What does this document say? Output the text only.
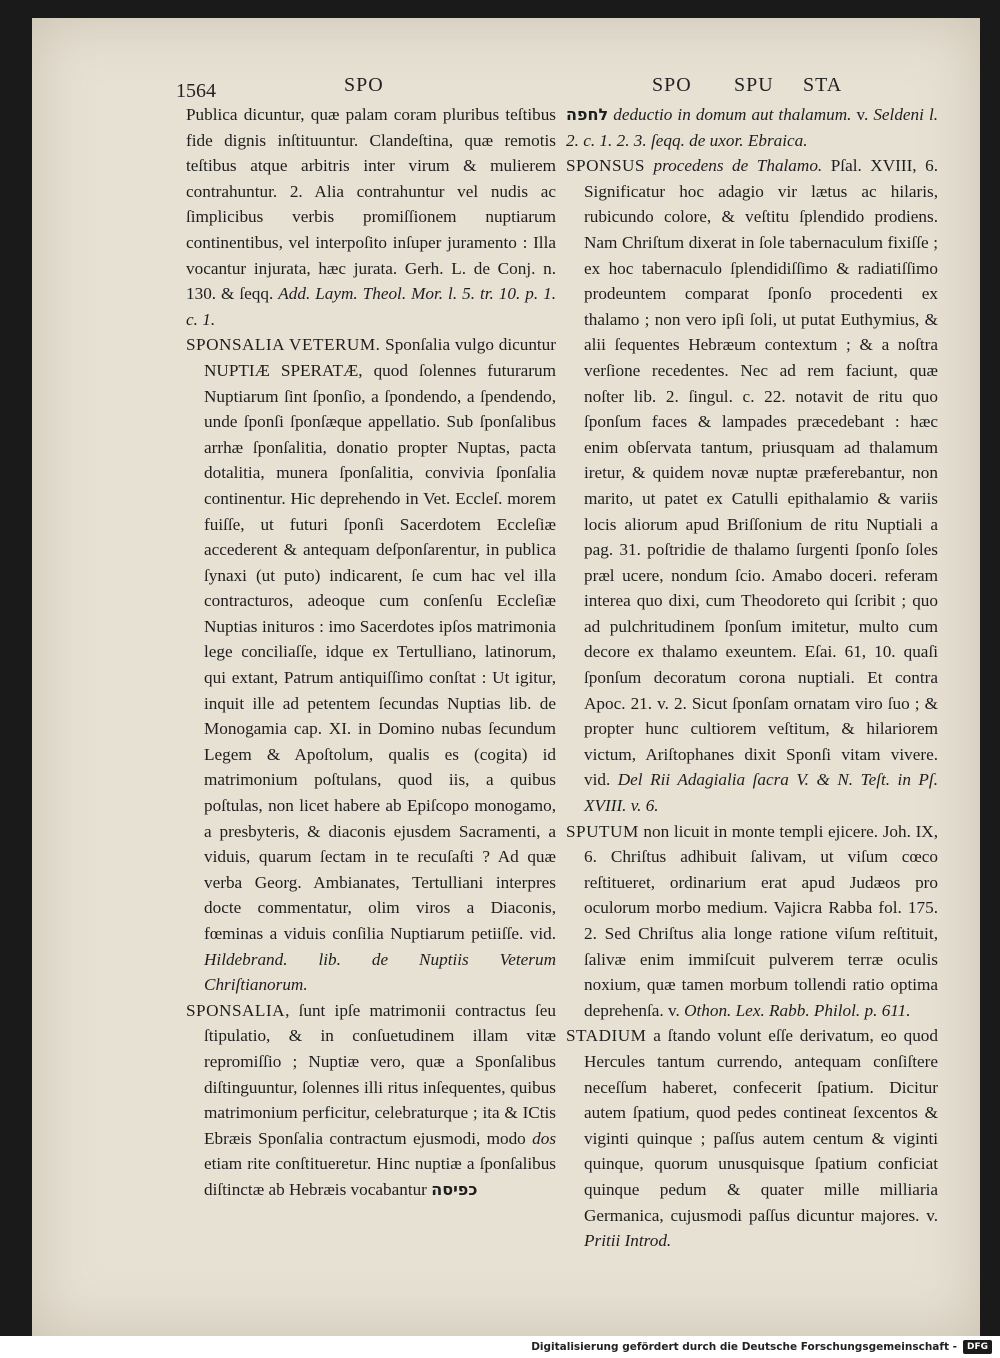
1564	SPO	SPO SPU STA

Publica dicuntur, quæ palam coram pluribus teſtibus fide dignis inſtituuntur. Clandeſtina, quæ remotis teſtibus atque arbitris inter virum & mulierem contrahuntur. 2. Alia contrahuntur vel nudis ac ſimplicibus verbis promiſſionem nuptiarum continentibus, vel interpoſito inſuper juramento : Illa vocantur injurata, hæc jurata. Gerh. L. de Conj. n. 130. & ſeqq. Add. Laym. Theol. Mor. l. 5. tr. 10. p. 1. c. 1.

SPONSALIA VETERUM. Sponſalia vulgo dicuntur NUPTIÆ SPERATÆ, quod ſolennes futurarum Nuptiarum ſint ſponſio, a ſpondendo, a ſpendendo, unde ſponſi ſponſæque appellatio. Sub ſponſalibus arrhæ ſponſalitia, donatio propter Nuptas, pacta dotalitia, munera ſponſalitia, convivia ſponſalia continentur. Hic deprehendo in Vet. Eccleſ. morem fuiſſe, ut futuri ſponſi Sacerdotem Eccleſiæ accederent & antequam deſponſarentur, in publica ſynaxi (ut puto) indicarent, ſe cum hac vel illa contracturos, adeoque cum conſenſu Eccleſiæ Nuptias inituros : imo Sacerdotes ipſos matrimonia lege conciliaſſe, idque ex Tertulliano, latinorum, qui extant, Patrum antiquiſſimo conſtat : Ut igitur, inquit ille ad petentem ſecundas Nuptias lib. de Monogamia cap. XI. in Domino nubas ſecundum Legem & Apoſtolum, qualis es (cogita) id matrimonium poſtulans, quod iis, a quibus poſtulas, non licet habere ab Epiſcopo monogamo, a presbyteris, & diaconis ejusdem Sacramenti, a viduis, quarum ſectam in te recuſaſti ? Ad quæ verba Georg. Ambianates, Tertulliani interpres docte commentatur, olim viros a Diaconis, fœminas a viduis conſilia Nuptiarum petiiſſe. vid. Hildebrand. lib. de Nuptiis Veterum Chriſtianorum.

SPONSALIA, ſunt ipſe matrimonii contractus ſeu ſtipulatio, & in conſuetudinem illam vitæ repromiſſio ; Nuptiæ vero, quæ a Sponſalibus diſtinguuntur, ſolennes illi ritus inſequentes, quibus matrimonium perficitur, celebraturque ; ita & ICtis Ebræis Sponſalia contractum ejusmodi, modo dos etiam rite conſtitueretur. Hinc nuptiæ a ſponſalibus diſtinctæ ab Hebræis vocabantur כפיסה

לחפה deductio in domum aut thalamum. v. Seldeni l. 2. c. 1. 2. 3. ſeqq. de uxor. Ebraica.

SPONSUS procedens de Thalamo. Pſal. XVIII, 6. Significatur hoc adagio vir lætus ac hilaris, rubicundo colore, & veſtitu ſplendido prodiens. Nam Chriſtum dixerat in ſole tabernaculum fixiſſe ; ex hoc tabernaculo ſplendidiſſimo & radiatiſſimo prodeuntem comparat ſponſo procedenti ex thalamo ; non vero ipſi ſoli, ut putat Euthymius, & alii ſequentes Hebræum contextum ; & a noſtra verſione recedentes. Nec ad rem faciunt, quæ noſter lib. 2. ſingul. c. 22. notavit de ritu quo ſponſum faces & lampades præcedebant : hæc enim obſervata tantum, priusquam ad thalamum iretur, & quidem novæ nuptæ præferebantur, non marito, ut patet ex Catulli epithalamio & variis locis aliorum apud Briſſonium de ritu Nuptiali a pag. 31. poſtridie de thalamo ſurgenti ſponſo ſoles præl ucere, nondum ſcio. Amabo doceri. referam interea quo dixi, cum Theodoreto qui ſcribit ; quo ad pulchritudinem ſponſum imitetur, multo cum decore ex thalamo exeuntem. Eſai. 61, 10. quaſi ſponſum decoratum corona nuptiali. Et contra Apoc. 21. v. 2. Sicut ſponſam ornatam viro ſuo ; & propter hunc cultiorem veſtitum, & hilariorem victum, Ariſtophanes dixit Sponſi vitam vivere. vid. Del Rii Adagialia ſacra V. & N. Teſt. in Pſ. XVIII. v. 6.

SPUTUM non licuit in monte templi ejicere. Joh. IX, 6. Chriſtus adhibuit ſalivam, ut viſum cœco reſtitueret, ordinarium erat apud Judæos pro oculorum morbo medium. Vajicra Rabba fol. 175. 2. Sed Chriſtus alia longe ratione viſum reſtituit, ſalivæ enim immiſcuit pulverem terræ oculis noxium, quæ tamen morbum tollendi ratio optima deprehenſa. v. Othon. Lex. Rabb. Philol. p. 611.

STADIUM a ſtando volunt eſſe derivatum, eo quod Hercules tantum currendo, antequam conſiſtere neceſſum haberet, confecerit ſpatium. Dicitur autem ſpatium, quod pedes contineat ſexcentos & viginti quinque ; paſſus autem centum & viginti quinque, quorum unusquisque ſpatium conficiat quinque pedum & quater mille milliaria Germanica, cujusmodi paſſus dicuntur majores. v. Pritii Introd.

Digitalisierung gefördert durch die Deutsche Forschungsgemeinschaft -	DFG
